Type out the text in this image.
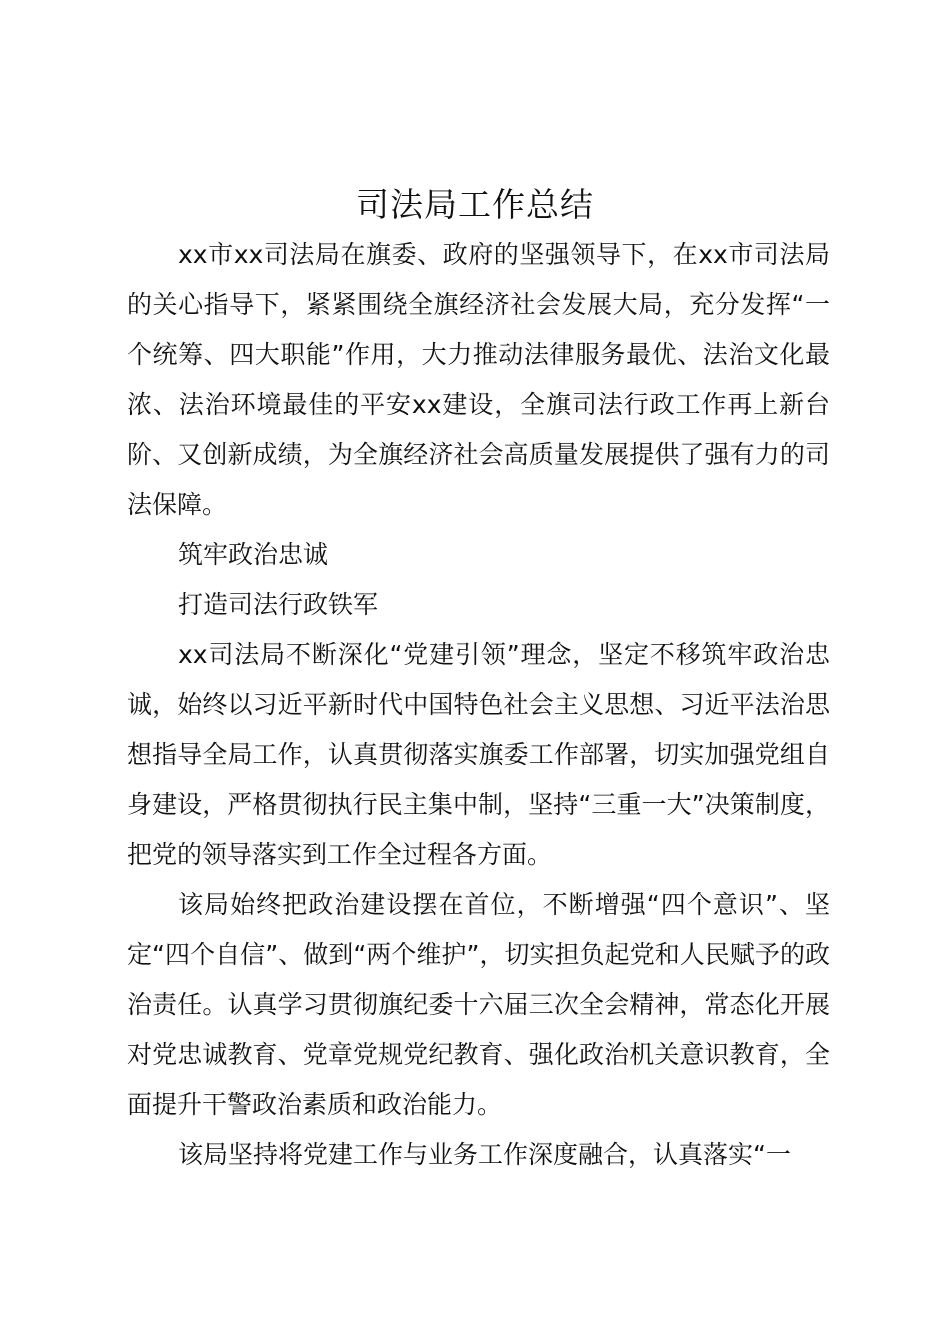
司法局工作总结

xx市xx司法局在旗委、政府的坚强领导下，在xx市司法局的关心指导下，紧紧围绕全旗经济社会发展大局，充分发挥“一个统筹、四大职能”作用，大力推动法律服务最优、法治文化最浓、法治环境最佳的平安xx建设，全旗司法行政工作再上新台阶、又创新成绩，为全旗经济社会高质量发展提供了强有力的司法保障。

筑牢政治忠诚

打造司法行政铁军

xx司法局不断深化“党建引领”理念，坚定不移筑牢政治忠诚，始终以习近平新时代中国特色社会主义思想、习近平法治思想指导全局工作，认真贯彻落实旗委工作部署，切实加强党组自身建设，严格贯彻执行民主集中制，坚持“三重一大”决策制度，把党的领导落实到工作全过程各方面。

该局始终把政治建设摆在首位，不断增强“四个意识”、坚定“四个自信”、做到“两个维护”，切实担负起党和人民赋予的政治责任。认真学习贯彻旗纪委十六届三次全会精神，常态化开展对党忠诚教育、党章党规党纪教育、强化政治机关意识教育，全面提升干警政治素质和政治能力。

该局坚持将党建工作与业务工作深度融合，认真落实“一
